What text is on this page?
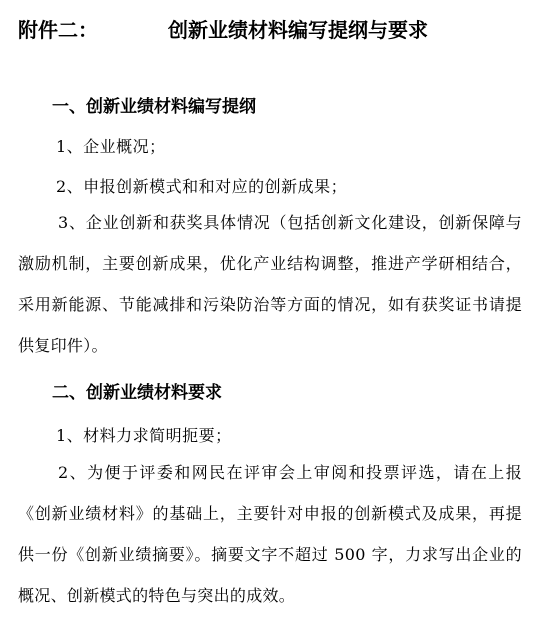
附件二：	创新业绩材料编写提纲与要求
一、创新业绩材料编写提纲
1、企业概况；
2、申报创新模式和和对应的创新成果；
3、企业创新和获奖具体情况（包括创新文化建设，创新保障与激励机制，主要创新成果，优化产业结构调整，推进产学研相结合，采用新能源、节能减排和污染防治等方面的情况，如有获奖证书请提供复印件）。
二、创新业绩材料要求
1、材料力求简明扼要；
2、为便于评委和网民在评审会上审阅和投票评选，请在上报《创新业绩材料》的基础上，主要针对申报的创新模式及成果，再提供一份《创新业绩摘要》。摘要文字不超过 500 字，力求写出企业的概况、创新模式的特色与突出的成效。
